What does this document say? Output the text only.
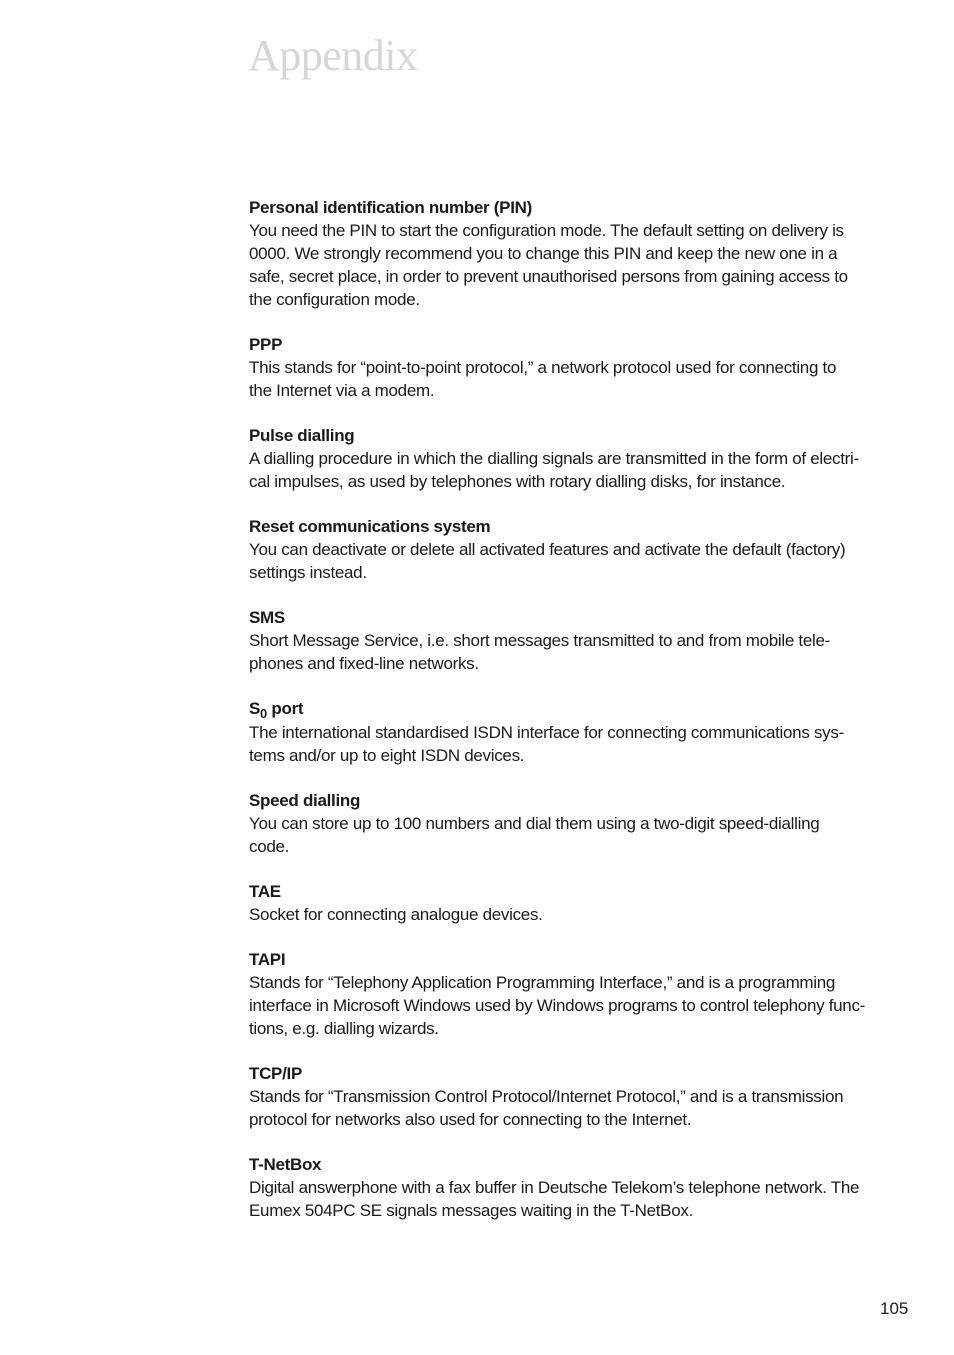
Appendix
Personal identification number (PIN)
You need the PIN to start the configuration mode. The default setting on delivery is
0000. We strongly recommend you to change this PIN and keep the new one in a
safe, secret place, in order to prevent unauthorised persons from gaining access to
the configuration mode.
PPP
This stands for “point-to-point protocol,” a network protocol used for connecting to
the Internet via a modem.
Pulse dialling
A dialling procedure in which the dialling signals are transmitted in the form of electri-
cal impulses, as used by telephones with rotary dialling disks, for instance.
Reset communications system
You can deactivate or delete all activated features and activate the default (factory)
settings instead.
SMS
Short Message Service, i.e. short messages transmitted to and from mobile tele-
phones and fixed-line networks.
$S_0$ port
The international standardised ISDN interface for connecting communications sys-
tems and/or up to eight ISDN devices.
Speed dialling
You can store up to 100 numbers and dial them using a two-digit speed-dialling
code.
TAE
Socket for connecting analogue devices.
TAPI
Stands for “Telephony Application Programming Interface,” and is a programming
interface in Microsoft Windows used by Windows programs to control telephony func-
tions, e.g. dialling wizards.
TCP/IP
Stands for “Transmission Control Protocol/Internet Protocol,” and is a transmission
protocol for networks also used for connecting to the Internet.
T-NetBox
Digital answerphone with a fax buffer in Deutsche Telekom’s telephone network. The
Eumex 504PC SE signals messages waiting in the T-NetBox.
105
